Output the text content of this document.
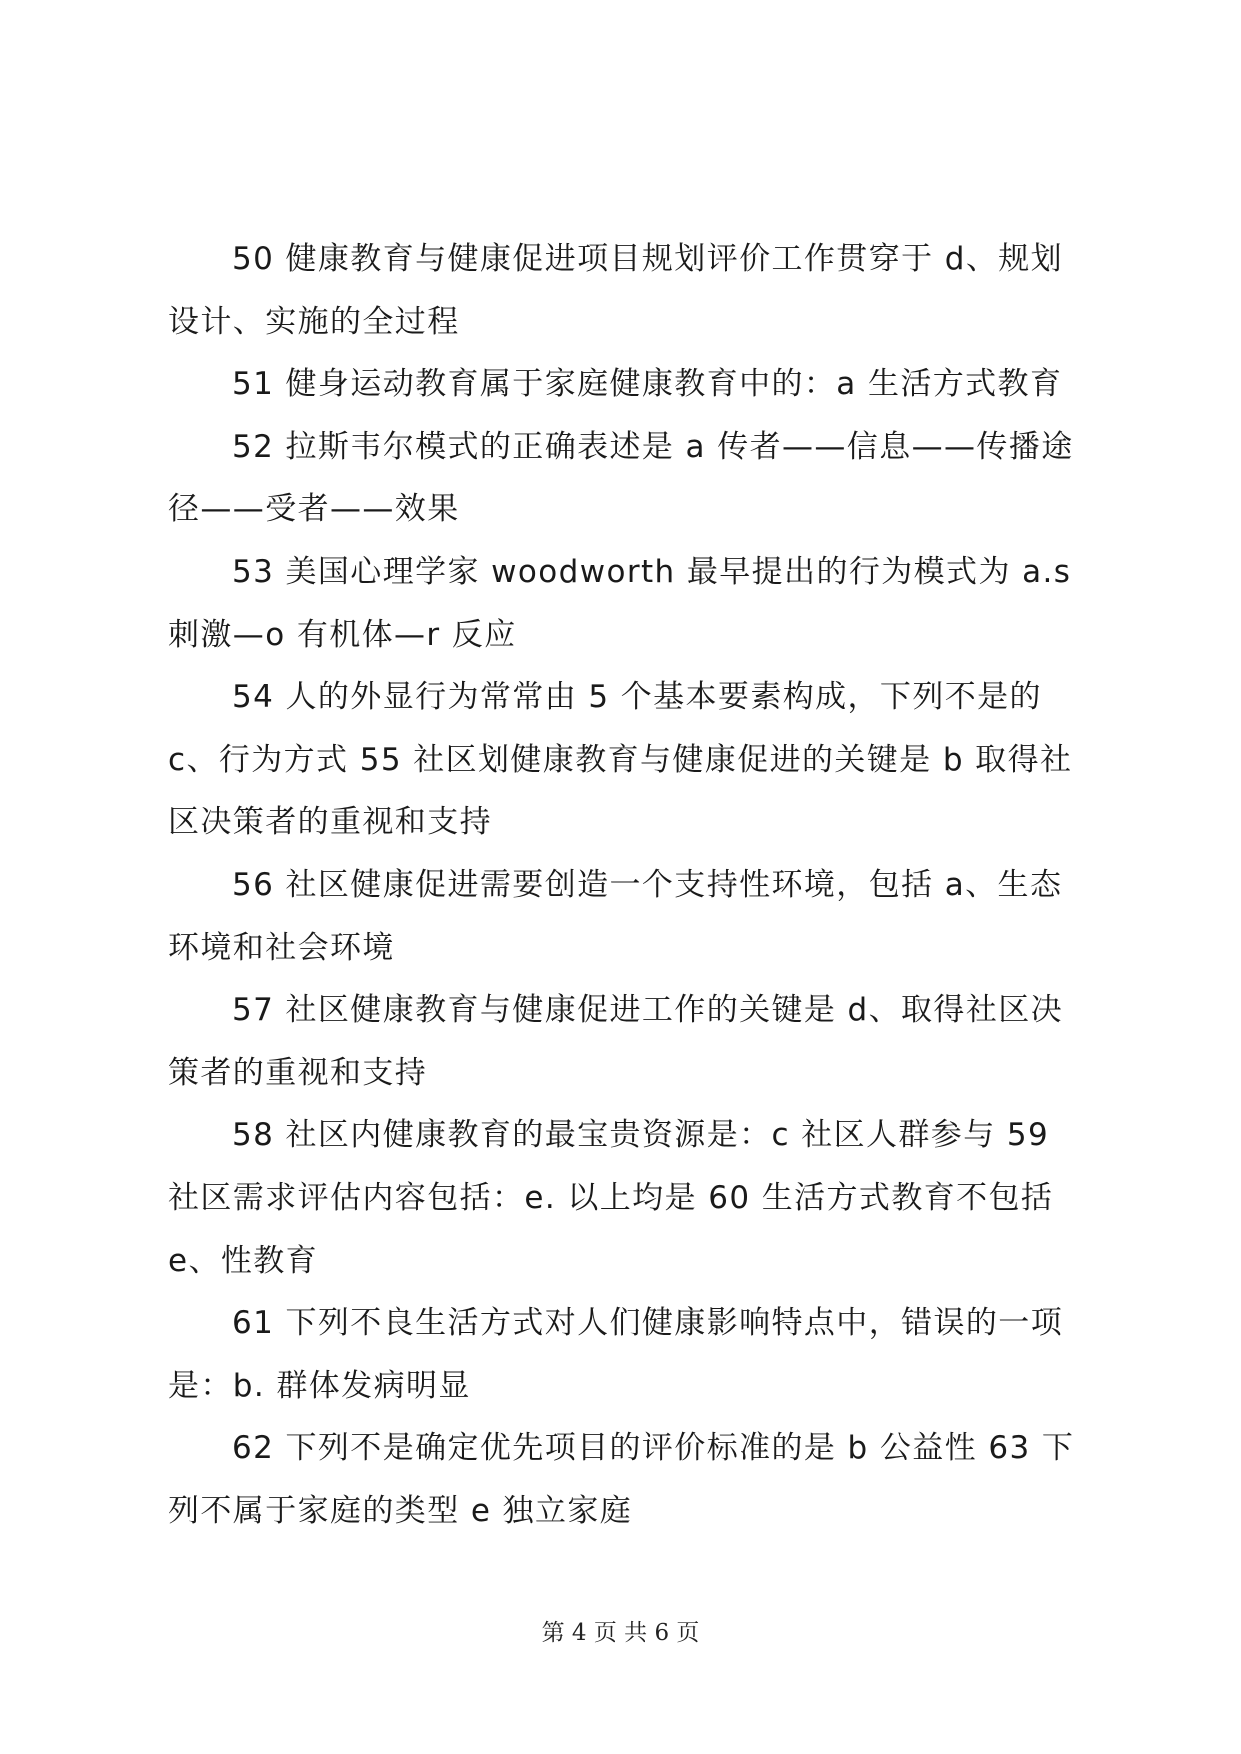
50 健康教育与健康促进项目规划评价工作贯穿于 d、规划设计、实施的全过程

51 健身运动教育属于家庭健康教育中的：a 生活方式教育

52 拉斯韦尔模式的正确表述是 a 传者——信息——传播途径——受者——效果

53 美国心理学家 woodworth 最早提出的行为模式为 a.s 刺激—o 有机体—r 反应

54 人的外显行为常常由 5 个基本要素构成，下列不是的 c、行为方式 55 社区划健康教育与健康促进的关键是 b 取得社区决策者的重视和支持

56 社区健康促进需要创造一个支持性环境，包括 a、生态环境和社会环境

57 社区健康教育与健康促进工作的关键是 d、取得社区决策者的重视和支持

58 社区内健康教育的最宝贵资源是：c 社区人群参与 59 社区需求评估内容包括：e. 以上均是 60 生活方式教育不包括 e、性教育

61 下列不良生活方式对人们健康影响特点中，错误的一项是：b. 群体发病明显

62 下列不是确定优先项目的评价标准的是 b 公益性 63 下列不属于家庭的类型 e 独立家庭

第 4 页 共 6 页
